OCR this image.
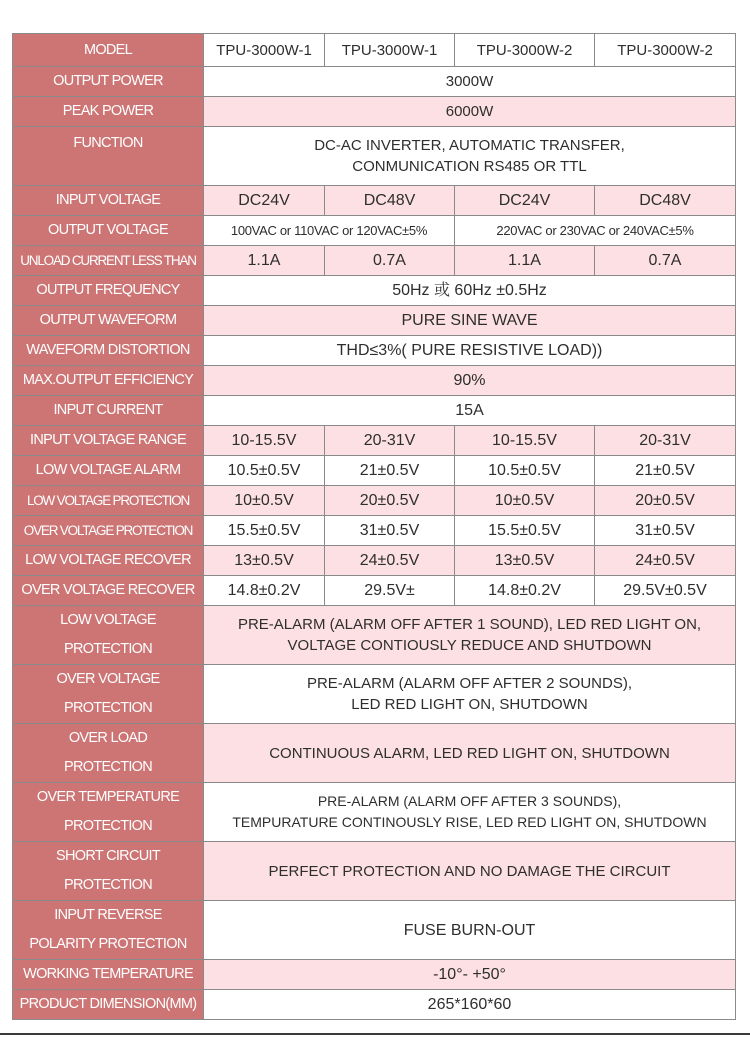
MODEL	TPU-3000W-1	TPU-3000W-1	TPU-3000W-2	TPU-3000W-2
OUTPUT POWER	3000W			
PEAK POWER	6000W			
FUNCTION	DC-AC INVERTER, AUTOMATIC TRANSFER,
CONMUNICATION RS485 OR TTL			

INPUT VOLTAGE	DC24V	DC48V	DC24V	DC48V
OUTPUT VOLTAGE	100VAC or 110VAC or 120VAC±5%		220VAC or 230VAC or 240VAC±5%	
UNLOAD CURRENT LESS THAN	1.1A	0.7A	1.1A	0.7A
OUTPUT FREQUENCY	50Hz 或 60Hz ±0.5Hz			
OUTPUT WAVEFORM	PURE SINE WAVE			
WAVEFORM DISTORTION	THD≤3%( PURE RESISTIVE LOAD))			
MAX.OUTPUT EFFICIENCY	90%			
INPUT CURRENT	15A			
INPUT VOLTAGE RANGE	10-15.5V	20-31V	10-15.5V	20-31V
LOW VOLTAGE ALARM	10.5±0.5V	21±0.5V	10.5±0.5V	21±0.5V
LOW VOLTAGE PROTECTION	10±0.5V	20±0.5V	10±0.5V	20±0.5V
OVER VOLTAGE PROTECTION	15.5±0.5V	31±0.5V	15.5±0.5V	31±0.5V
LOW VOLTAGE RECOVER	13±0.5V	24±0.5V	13±0.5V	24±0.5V
OVER VOLTAGE RECOVER	14.8±0.2V	29.5V±	14.8±0.2V	29.5V±0.5V

LOW VOLTAGE
PROTECTION	PRE-ALARM (ALARM OFF AFTER 1 SOUND), LED RED LIGHT ON,
VOLTAGE CONTIOUSLY REDUCE AND SHUTDOWN			

OVER VOLTAGE
PROTECTION	PRE-ALARM (ALARM OFF AFTER 2 SOUNDS),
LED RED LIGHT ON, SHUTDOWN			

OVER LOAD
PROTECTION	CONTINUOUS ALARM, LED RED LIGHT ON, SHUTDOWN			

OVER TEMPERATURE
PROTECTION	PRE-ALARM (ALARM OFF AFTER 3 SOUNDS),
TEMPURATURE CONTINOUSLY RISE, LED RED LIGHT ON, SHUTDOWN			

SHORT CIRCUIT
PROTECTION	PERFECT PROTECTION AND NO DAMAGE THE CIRCUIT			

INPUT REVERSE
POLARITY PROTECTION	FUSE BURN-OUT			
WORKING TEMPERATURE	-10°- +50°			
PRODUCT DIMENSION(MM)	265*160*60			
